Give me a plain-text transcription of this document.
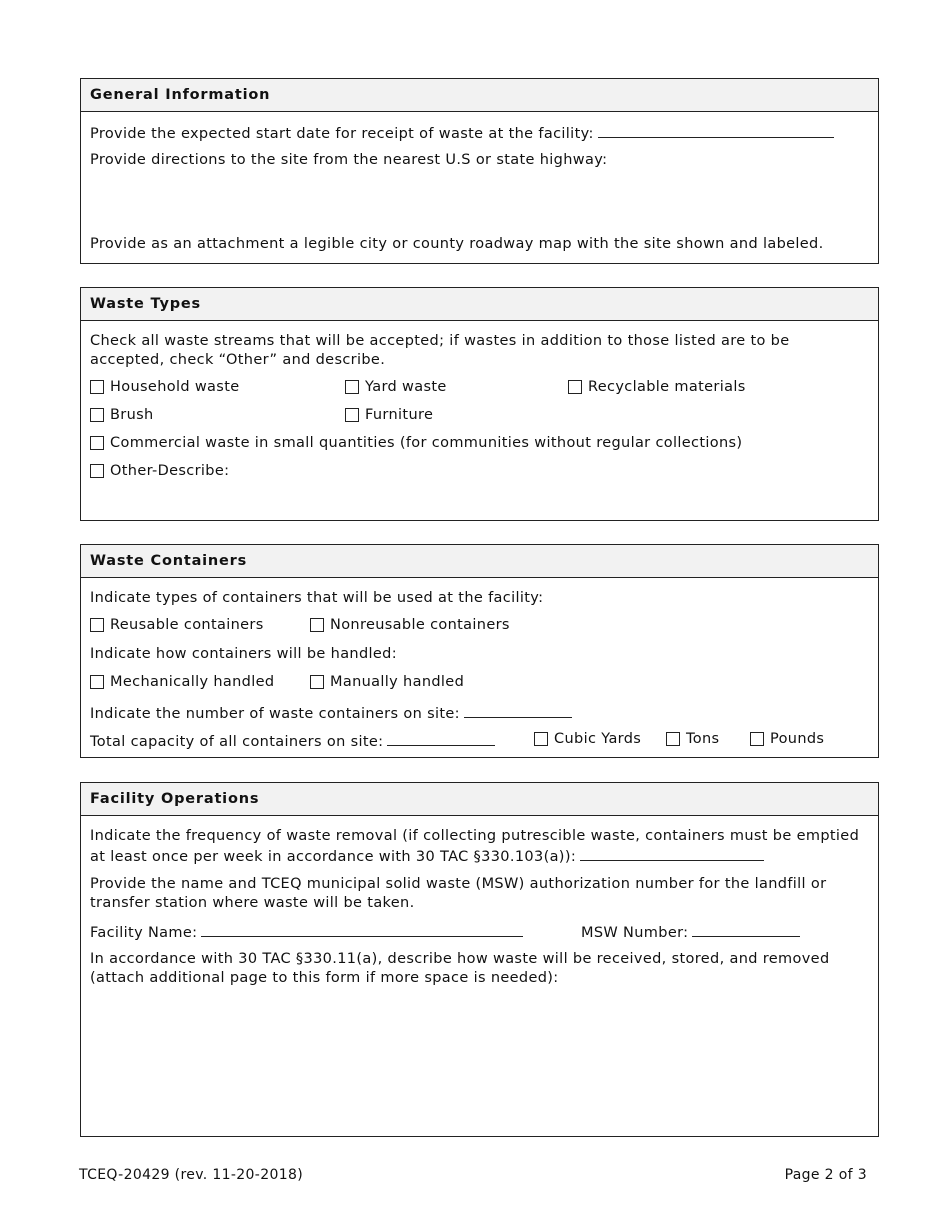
General Information
Provide the expected start date for receipt of waste at the facility:
Provide directions to the site from the nearest U.S or state highway:
Provide as an attachment a legible city or county roadway map with the site shown and labeled.
Waste Types
Check all waste streams that will be accepted; if wastes in addition to those listed are to be accepted, check “Other” and describe.
Household waste	Yard waste	Recyclable materials
Brush	Furniture
Commercial waste in small quantities (for communities without regular collections)
Other-Describe:
Waste Containers
Indicate types of containers that will be used at the facility:
Reusable containers	Nonreusable containers
Indicate how containers will be handled:
Mechanically handled	Manually handled
Indicate the number of waste containers on site:
Total capacity of all containers on site:	Cubic Yards	Tons	Pounds
Facility Operations
Indicate the frequency of waste removal (if collecting putrescible waste, containers must be emptied at least once per week in accordance with 30 TAC §330.103(a)):
Provide the name and TCEQ municipal solid waste (MSW) authorization number for the landfill or transfer station where waste will be taken.
Facility Name:	MSW Number:
In accordance with 30 TAC §330.11(a), describe how waste will be received, stored, and removed (attach additional page to this form if more space is needed):
TCEQ-20429 (rev. 11-20-2018)	Page 2 of 3
